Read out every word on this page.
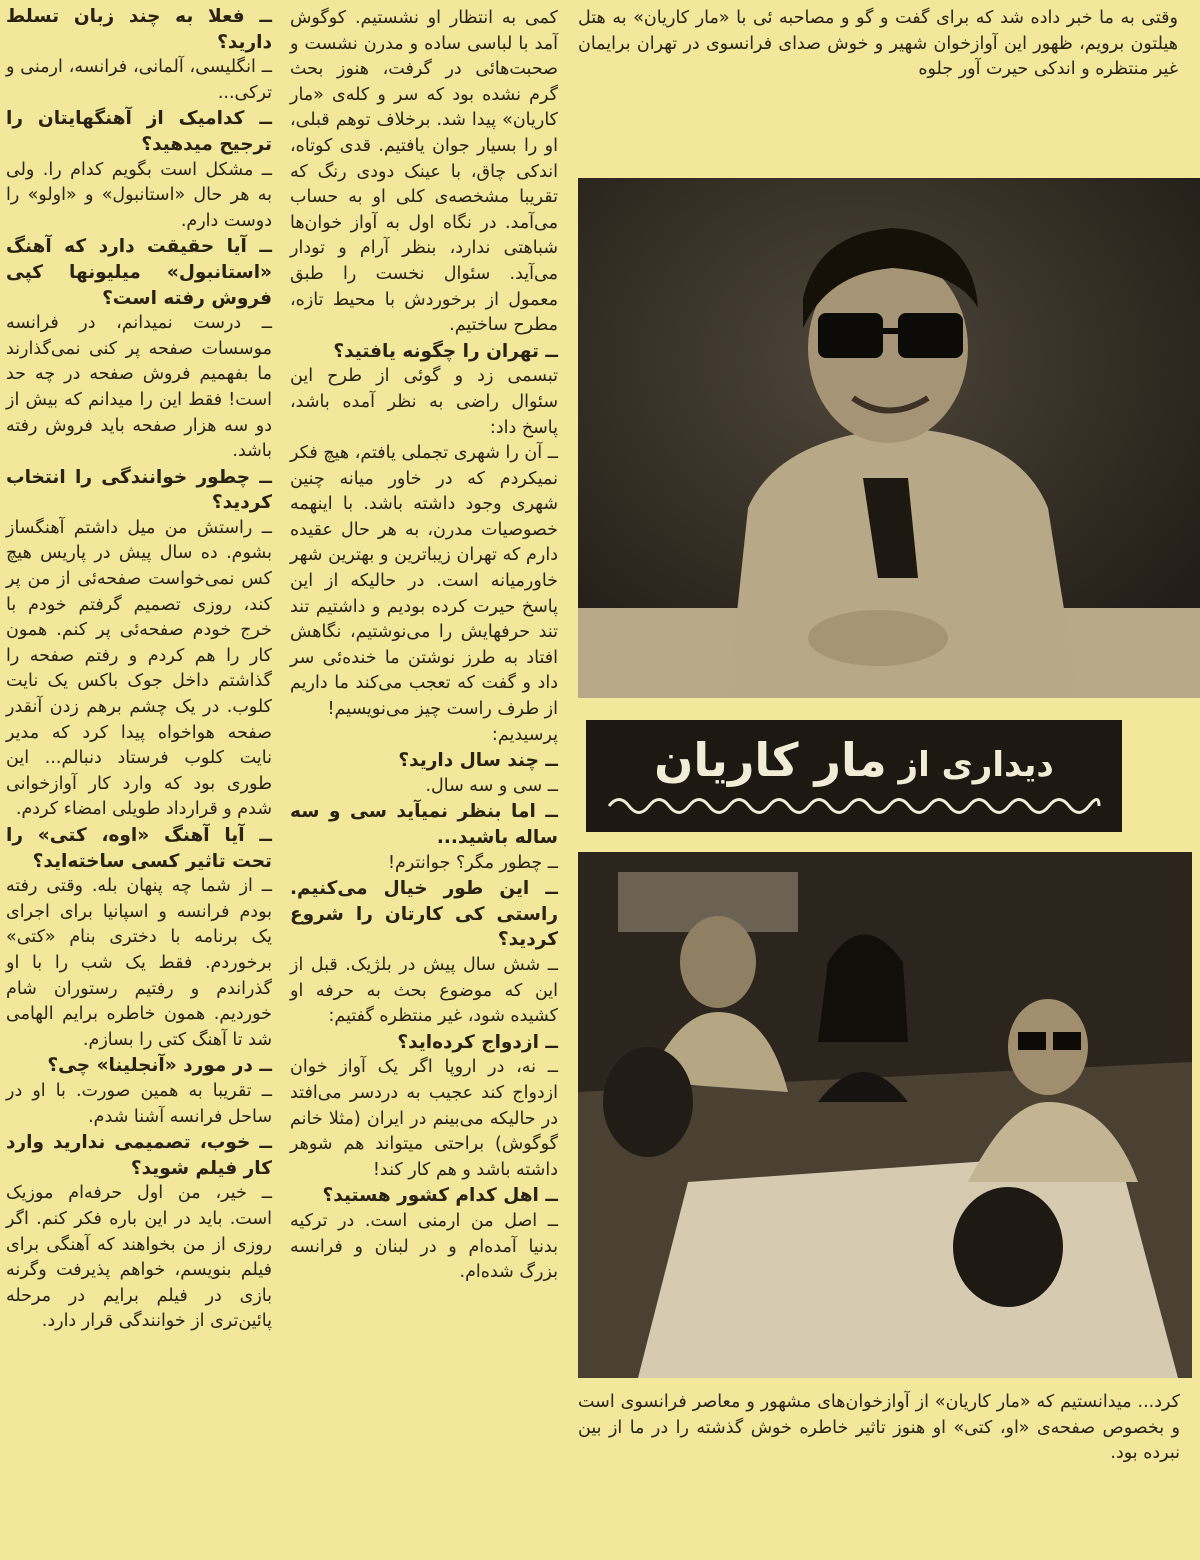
وقتی به ما خبر داده شد که برای گفت و گو و مصاحبه ئی با «مار کاریان» به هتل هیلتون برویم، ظهور این آوازخوان شهیر و خوش صدای فرانسوی در تهران برایمان غیر منتظره و اندکی حیرت آور جلوه

دیداری از مار کاریان

کرد... میدانستیم که «مار کاریان» از آوازخوان‌های مشهور و معاصر فرانسوی است و بخصوص صفحه‌ی «او، کتی» او هنوز تاثیر خاطره خوش گذشته را در ما از بین نبرده بود.

کمی به انتظار او نشستیم. کوگوش آمد با لباسی ساده و مدرن نشست و صحبت‌هائی در گرفت، هنوز بحث گرم نشده بود که سر و کله‌ی «مار کاریان» پیدا شد. برخلاف توهم قبلی، او را بسیار جوان یافتیم. قدی کوتاه، اندکی چاق، با عینک دودی رنگ که تقریبا مشخصه‌ی کلی او به حساب می‌آمد. در نگاه اول به آواز خوان‌ها شباهتی ندارد، بنظر آرام و تودار می‌آید. سئوال نخست را طبق معمول از برخوردش با محیط تازه، مطرح ساختیم.

ــ تهران را چگونه یافتید؟

تبسمی زد و گوئی از طرح این سئوال راضی به نظر آمده باشد، پاسخ داد:

ــ آن را شهری تجملی یافتم، هیچ فکر نمیکردم که در خاور میانه چنین شهری وجود داشته باشد. با اینهمه خصوصیات مدرن، به هر حال عقیده دارم که تهران زیباترین و بهترین شهر خاورمیانه است. در حالیکه از این پاسخ حیرت کرده بودیم و داشتیم تند تند حرفهایش را می‌نوشتیم، نگاهش افتاد به طرز نوشتن ما خنده‌ئی سر داد و گفت که تعجب می‌کند ما داریم از طرف راست چیز می‌نویسیم!

پرسیدیم:

ــ چند سال دارید؟

ــ سی و سه سال.

ــ اما بنظر نمیآید سی و سه ساله باشید...

ــ چطور مگر؟ جوانترم!

ــ این طور خیال می‌کنیم. راستی کی کارتان را شروع کردید؟

ــ شش سال پیش در بلژیک. قبل از این که موضوع بحث به حرفه او کشیده شود، غیر منتظره گفتیم:

ــ ازدواج کرده‌اید؟

ــ نه، در اروپا اگر یک آواز خوان ازدواج کند عجیب به دردسر می‌افتد در حالیکه می‌بینم در ایران (مثلا خانم گوگوش) براحتی میتواند هم شوهر داشته باشد و هم کار کند!

ــ اهل کدام کشور هستید؟

ــ اصل من ارمنی است. در ترکیه بدنیا آمده‌ام و در لبنان و فرانسه بزرگ شده‌ام.

ــ فعلا به چند زبان تسلط دارید؟

ــ انگلیسی، آلمانی، فرانسه، ارمنی و ترکی...

ــ کدامیک از آهنگهایتان را ترجیح میدهید؟

ــ مشکل است بگویم کدام را. ولی به هر حال «استانبول» و «اولو» را دوست دارم.

ــ آیا حقیقت دارد که آهنگ «استانبول» میلیونها کپی فروش رفته است؟

ــ درست نمیدانم، در فرانسه موسسات صفحه پر کنی نمی‌گذارند ما بفهمیم فروش صفحه در چه حد است! فقط این را میدانم که بیش از دو سه هزار صفحه باید فروش رفته باشد.

ــ چطور خوانندگی را انتخاب کردید؟

ــ راستش من میل داشتم آهنگساز بشوم. ده سال پیش در پاریس هیچ کس نمی‌خواست صفحه‌ئی از من پر کند، روزی تصمیم گرفتم خودم با خرج خودم صفحه‌ئی پر کنم. همون کار را هم کردم و رفتم صفحه را گذاشتم داخل جوک باکس یک نایت کلوب. در یک چشم برهم زدن آنقدر صفحه هواخواه پیدا کرد که مدیر نایت کلوب فرستاد دنبالم... این طوری بود که وارد کار آوازخوانی شدم و قرارداد طویلی امضاء کردم.

ــ آیا آهنگ «اوه، کتی» را تحت تاثیر کسی ساخته‌اید؟

ــ از شما چه پنهان بله. وقتی رفته بودم فرانسه و اسپانیا برای اجرای یک برنامه با دختری بنام «کتی» برخوردم. فقط یک شب را با او گذراندم و رفتیم رستوران شام خوردیم. همون خاطره برایم الهامی شد تا آهنگ کتی را بسازم.

ــ در مورد «آنجلینا» چی؟

ــ تقریبا به همین صورت. با او در ساحل فرانسه آشنا شدم.

ــ خوب، تصمیمی ندارید وارد کار فیلم شوید؟

ــ خیر، من اول حرفه‌ام موزیک است. باید در این باره فکر کنم. اگر روزی از من بخواهند که آهنگی برای فیلم بنویسم، خواهم پذیرفت وگرنه بازی در فیلم برایم در مرحله پائین‌تری از خوانندگی قرار دارد.
